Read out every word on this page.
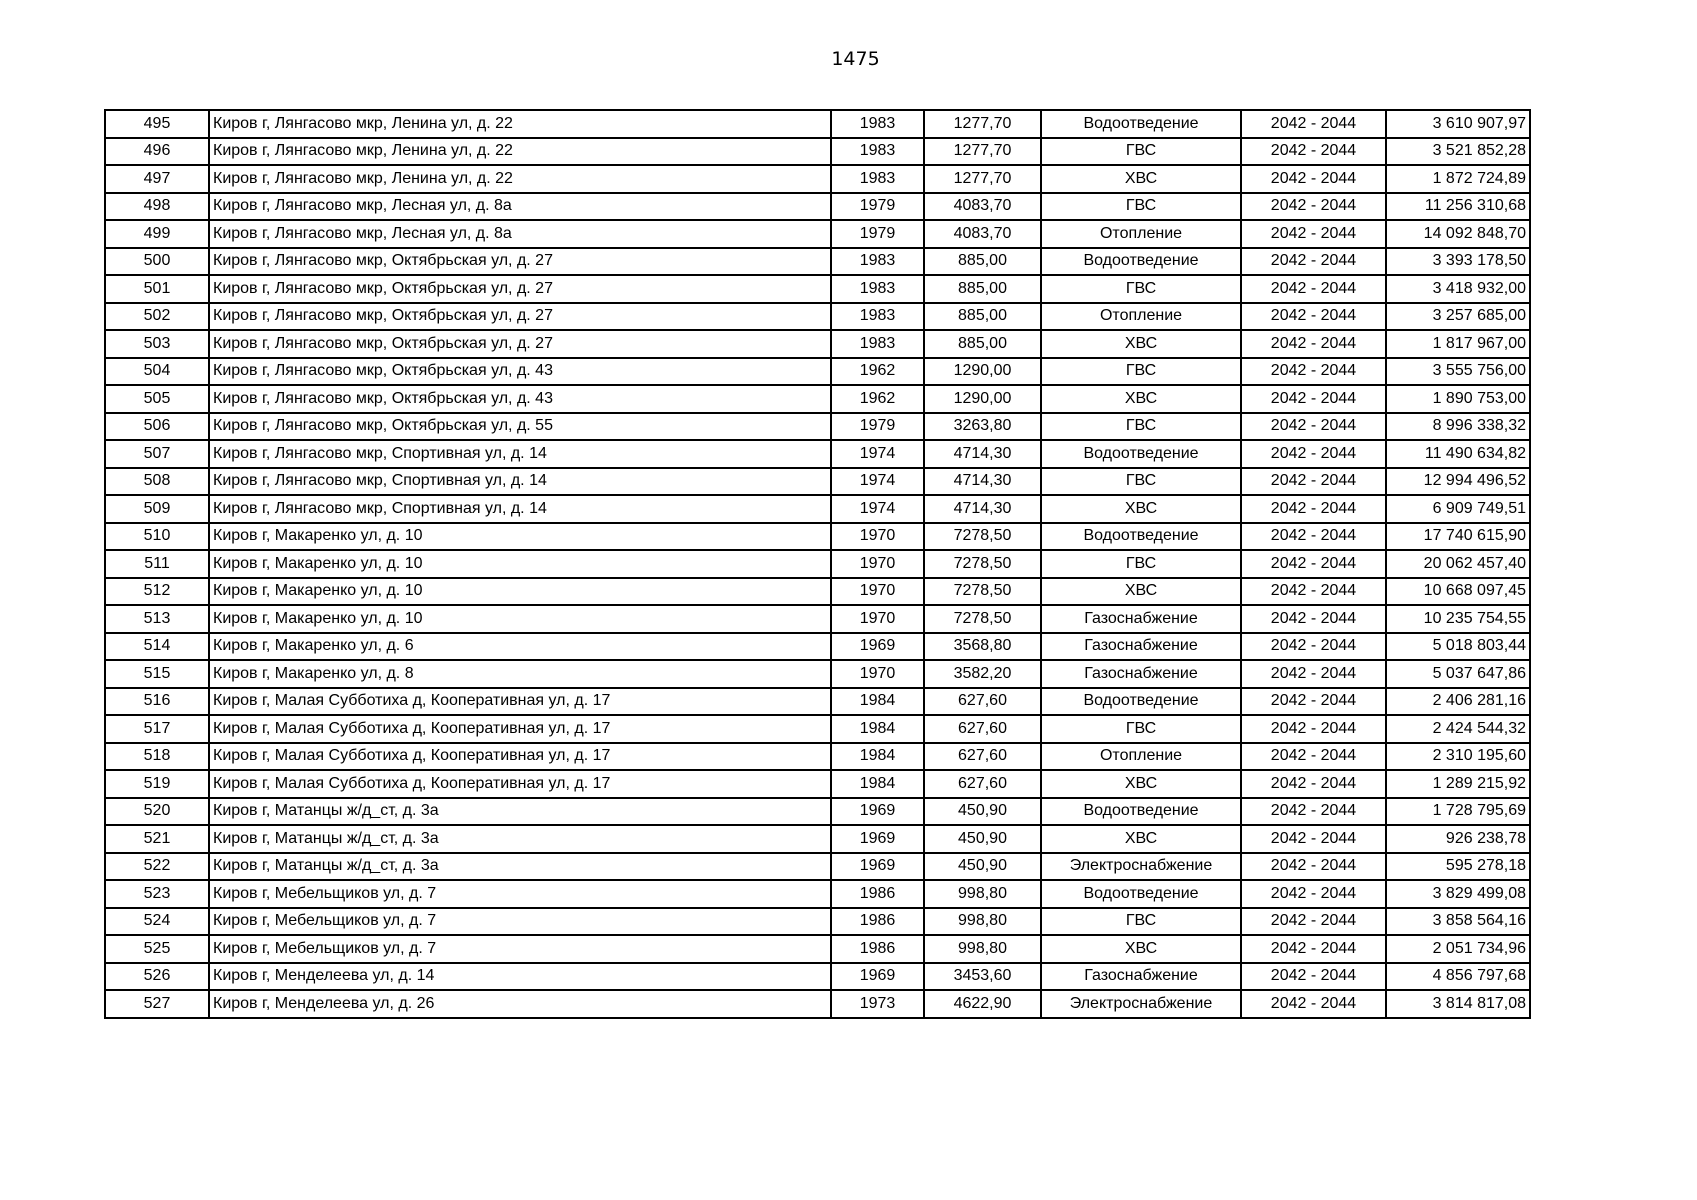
1475
495	Киров г, Лянгасово мкр, Ленина ул, д. 22	1983	1277,70	Водоотведение	2042 - 2044	3 610 907,97
496	Киров г, Лянгасово мкр, Ленина ул, д. 22	1983	1277,70	ГВС	2042 - 2044	3 521 852,28
497	Киров г, Лянгасово мкр, Ленина ул, д. 22	1983	1277,70	ХВС	2042 - 2044	1 872 724,89
498	Киров г, Лянгасово мкр, Лесная ул, д. 8а	1979	4083,70	ГВС	2042 - 2044	11 256 310,68
499	Киров г, Лянгасово мкр, Лесная ул, д. 8а	1979	4083,70	Отопление	2042 - 2044	14 092 848,70
500	Киров г, Лянгасово мкр, Октябрьская ул, д. 27	1983	885,00	Водоотведение	2042 - 2044	3 393 178,50
501	Киров г, Лянгасово мкр, Октябрьская ул, д. 27	1983	885,00	ГВС	2042 - 2044	3 418 932,00
502	Киров г, Лянгасово мкр, Октябрьская ул, д. 27	1983	885,00	Отопление	2042 - 2044	3 257 685,00
503	Киров г, Лянгасово мкр, Октябрьская ул, д. 27	1983	885,00	ХВС	2042 - 2044	1 817 967,00
504	Киров г, Лянгасово мкр, Октябрьская ул, д. 43	1962	1290,00	ГВС	2042 - 2044	3 555 756,00
505	Киров г, Лянгасово мкр, Октябрьская ул, д. 43	1962	1290,00	ХВС	2042 - 2044	1 890 753,00
506	Киров г, Лянгасово мкр, Октябрьская ул, д. 55	1979	3263,80	ГВС	2042 - 2044	8 996 338,32
507	Киров г, Лянгасово мкр, Спортивная ул, д. 14	1974	4714,30	Водоотведение	2042 - 2044	11 490 634,82
508	Киров г, Лянгасово мкр, Спортивная ул, д. 14	1974	4714,30	ГВС	2042 - 2044	12 994 496,52
509	Киров г, Лянгасово мкр, Спортивная ул, д. 14	1974	4714,30	ХВС	2042 - 2044	6 909 749,51
510	Киров г, Макаренко ул, д. 10	1970	7278,50	Водоотведение	2042 - 2044	17 740 615,90
511	Киров г, Макаренко ул, д. 10	1970	7278,50	ГВС	2042 - 2044	20 062 457,40
512	Киров г, Макаренко ул, д. 10	1970	7278,50	ХВС	2042 - 2044	10 668 097,45
513	Киров г, Макаренко ул, д. 10	1970	7278,50	Газоснабжение	2042 - 2044	10 235 754,55
514	Киров г, Макаренко ул, д. 6	1969	3568,80	Газоснабжение	2042 - 2044	5 018 803,44
515	Киров г, Макаренко ул, д. 8	1970	3582,20	Газоснабжение	2042 - 2044	5 037 647,86
516	Киров г, Малая Субботиха д, Кооперативная ул, д. 17	1984	627,60	Водоотведение	2042 - 2044	2 406 281,16
517	Киров г, Малая Субботиха д, Кооперативная ул, д. 17	1984	627,60	ГВС	2042 - 2044	2 424 544,32
518	Киров г, Малая Субботиха д, Кооперативная ул, д. 17	1984	627,60	Отопление	2042 - 2044	2 310 195,60
519	Киров г, Малая Субботиха д, Кооперативная ул, д. 17	1984	627,60	ХВС	2042 - 2044	1 289 215,92
520	Киров г, Матанцы ж/д_ст, д. 3а	1969	450,90	Водоотведение	2042 - 2044	1 728 795,69
521	Киров г, Матанцы ж/д_ст, д. 3а	1969	450,90	ХВС	2042 - 2044	926 238,78
522	Киров г, Матанцы ж/д_ст, д. 3а	1969	450,90	Электроснабжение	2042 - 2044	595 278,18
523	Киров г, Мебельщиков ул, д. 7	1986	998,80	Водоотведение	2042 - 2044	3 829 499,08
524	Киров г, Мебельщиков ул, д. 7	1986	998,80	ГВС	2042 - 2044	3 858 564,16
525	Киров г, Мебельщиков ул, д. 7	1986	998,80	ХВС	2042 - 2044	2 051 734,96
526	Киров г, Менделеева ул, д. 14	1969	3453,60	Газоснабжение	2042 - 2044	4 856 797,68
527	Киров г, Менделеева ул, д. 26	1973	4622,90	Электроснабжение	2042 - 2044	3 814 817,08
